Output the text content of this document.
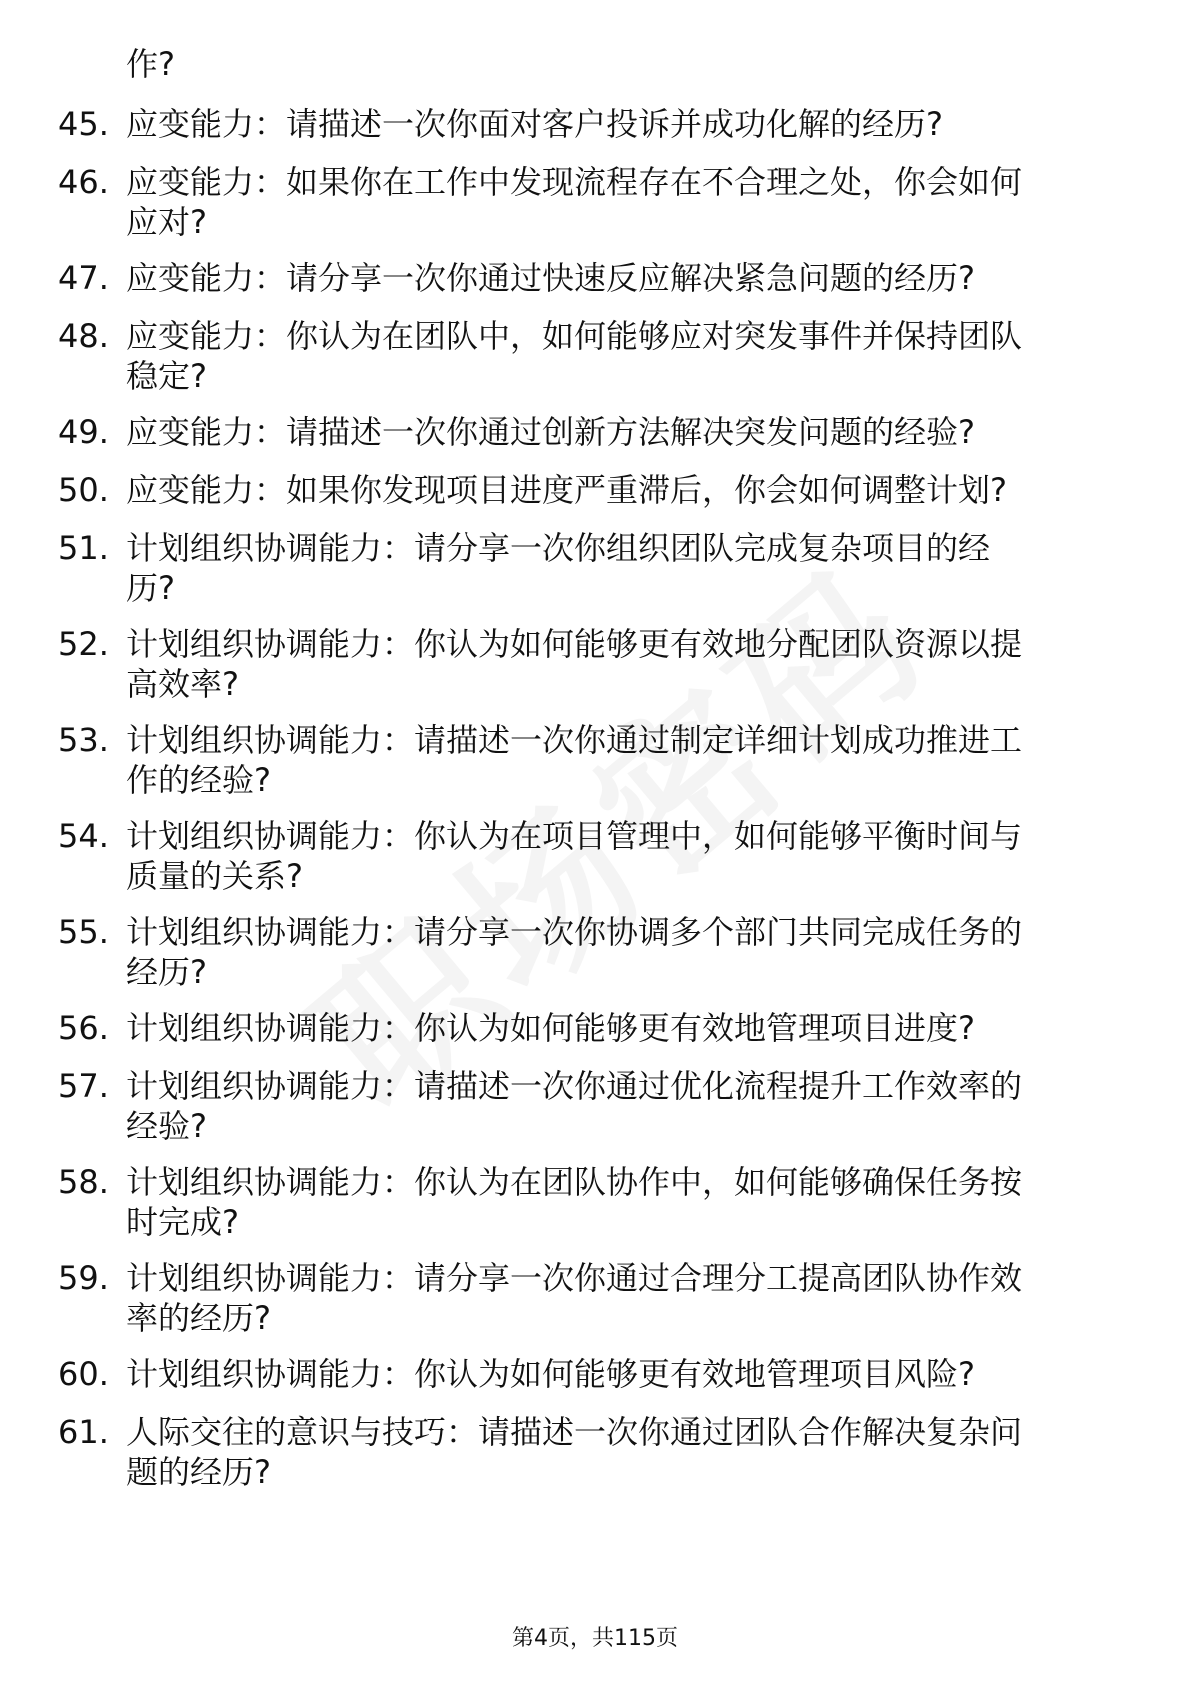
作?
45. 应变能力：请描述一次你面对客户投诉并成功化解的经历?
46. 应变能力：如果你在工作中发现流程存在不合理之处，你会如何
应对?
47. 应变能力：请分享一次你通过快速反应解决紧急问题的经历?
48. 应变能力：你认为在团队中，如何能够应对突发事件并保持团队
稳定?
49. 应变能力：请描述一次你通过创新方法解决突发问题的经验?
50. 应变能力：如果你发现项目进度严重滞后，你会如何调整计划?
51. 计划组织协调能力：请分享一次你组织团队完成复杂项目的经
历?
52. 计划组织协调能力：你认为如何能够更有效地分配团队资源以提
高效率?
53. 计划组织协调能力：请描述一次你通过制定详细计划成功推进工
作的经验?
54. 计划组织协调能力：你认为在项目管理中，如何能够平衡时间与
质量的关系?
55. 计划组织协调能力：请分享一次你协调多个部门共同完成任务的
经历?
56. 计划组织协调能力：你认为如何能够更有效地管理项目进度?
57. 计划组织协调能力：请描述一次你通过优化流程提升工作效率的
经验?
58. 计划组织协调能力：你认为在团队协作中，如何能够确保任务按
时完成?
59. 计划组织协调能力：请分享一次你通过合理分工提高团队协作效
率的经历?
60. 计划组织协调能力：你认为如何能够更有效地管理项目风险?
61. 人际交往的意识与技巧：请描述一次你通过团队合作解决复杂问
题的经历?
第4页，共115页
